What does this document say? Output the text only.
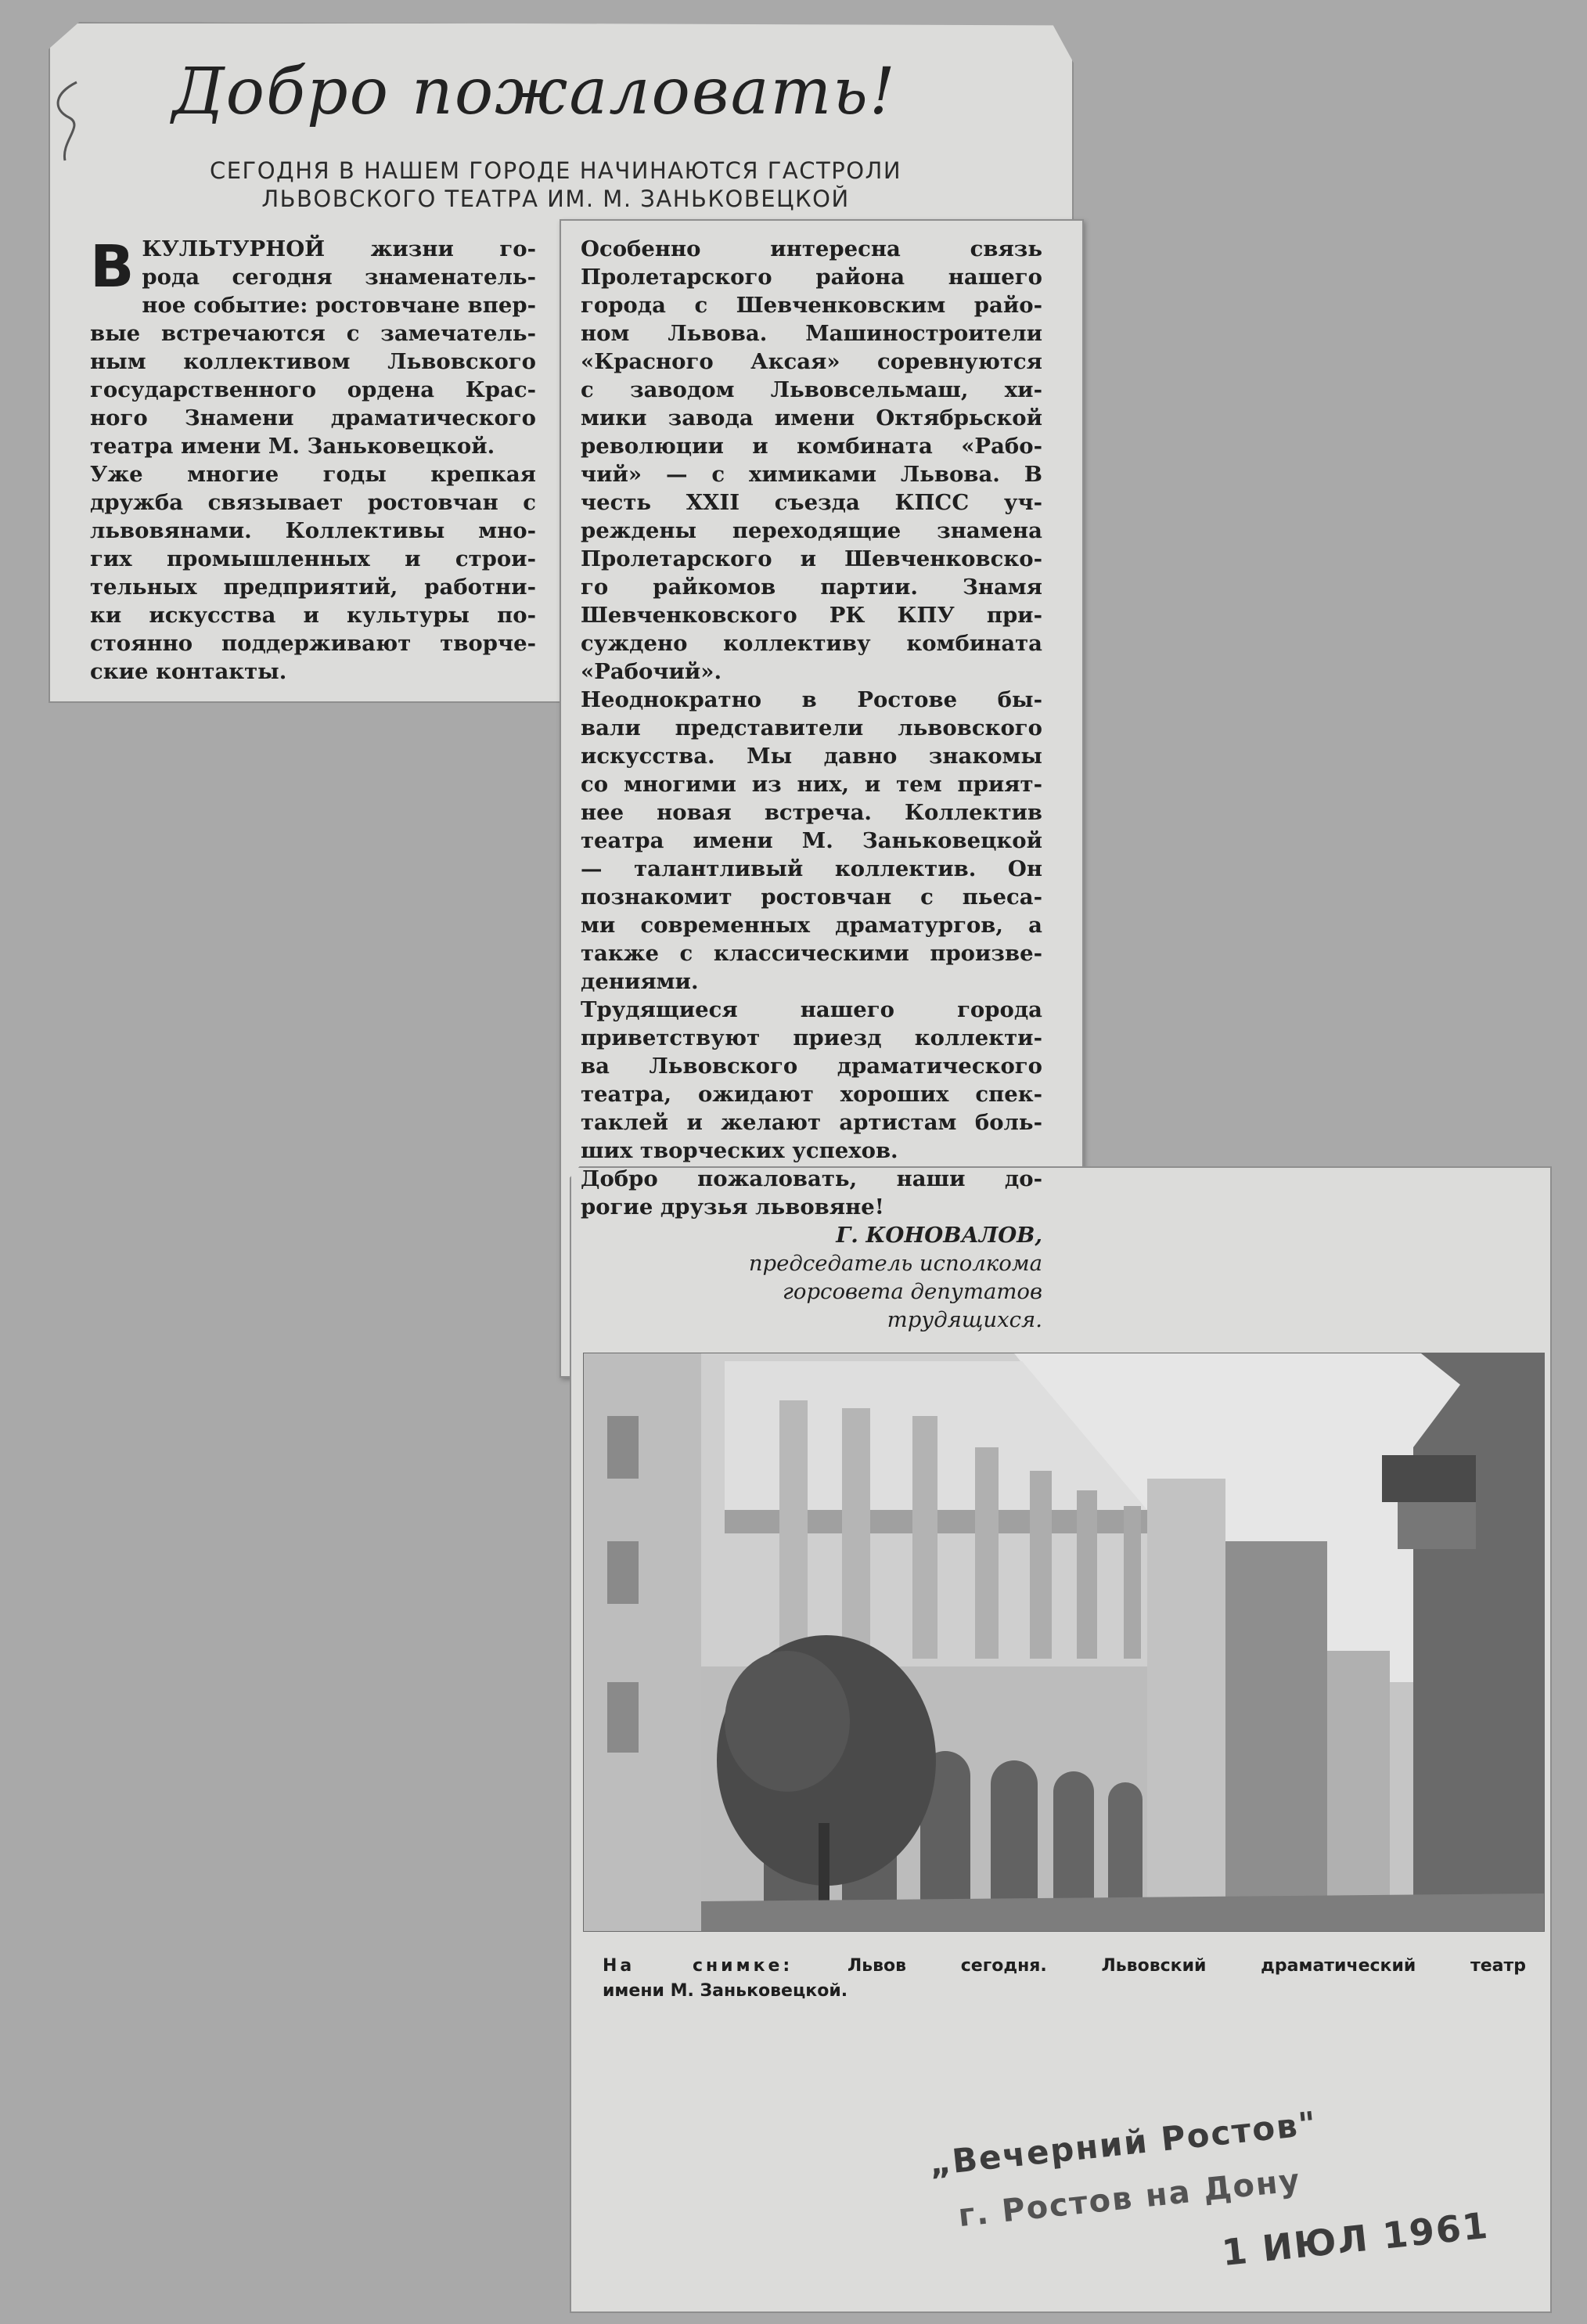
Добро пожаловать!
СЕГОДНЯ В НАШЕМ ГОРОДЕ НАЧИНАЮТСЯ ГАСТРОЛИ
ЛЬВОВСКОГО ТЕАТРА ИМ. М. ЗАНЬКОВЕЦКОЙ
В КУЛЬТУРНОЙ жизни го-
рода сегодня знаменатель-
ное событие: ростовчане впер-
вые встречаются с замечатель-
ным коллективом Львовского
государственного ордена Крас-
ного Знамени драматического
театра имени М. Заньковецкой.
Уже многие годы крепкая
дружба связывает ростовчан с
львовянами. Коллективы мно-
гих промышленных и строи-
тельных предприятий, работни-
ки искусства и культуры по-
стоянно поддерживают творче-
ские контакты.
Особенно интересна связь
Пролетарского района нашего
города с Шевченковским райо-
ном Львова. Машиностроители
«Красного Аксая» соревнуются
с заводом Львовсельмаш, хи-
мики завода имени Октябрьской
революции и комбината «Рабо-
чий» — с химиками Львова. В
честь XXII съезда КПСС уч-
реждены переходящие знамена
Пролетарского и Шевченковско-
го райкомов партии. Знамя
Шевченковского РК КПУ при-
суждено коллективу комбината
«Рабочий».
Неоднократно в Ростове бы-
вали представители львовского
искусства. Мы давно знакомы
со многими из них, и тем прият-
нее новая встреча. Коллектив
театра имени М. Заньковецкой
— талантливый коллектив. Он
познакомит ростовчан с пьеса-
ми современных драматургов, а
также с классическими произве-
дениями.
Трудящиеся нашего города
приветствуют приезд коллекти-
ва Львовского драматического
театра, ожидают хороших спек-
таклей и желают артистам боль-
ших творческих успехов.
Добро пожаловать, наши до-
рогие друзья львовяне!
Г. КОНОВАЛОВ,
председатель исполкома
горсовета депутатов
трудящихся.
На снимке: Львов сегодня. Львовский драматический театр
имени М. Заньковецкой.
„Вечерний Ростов"
г. Ростов на Дону
1 ИЮЛ 1961
